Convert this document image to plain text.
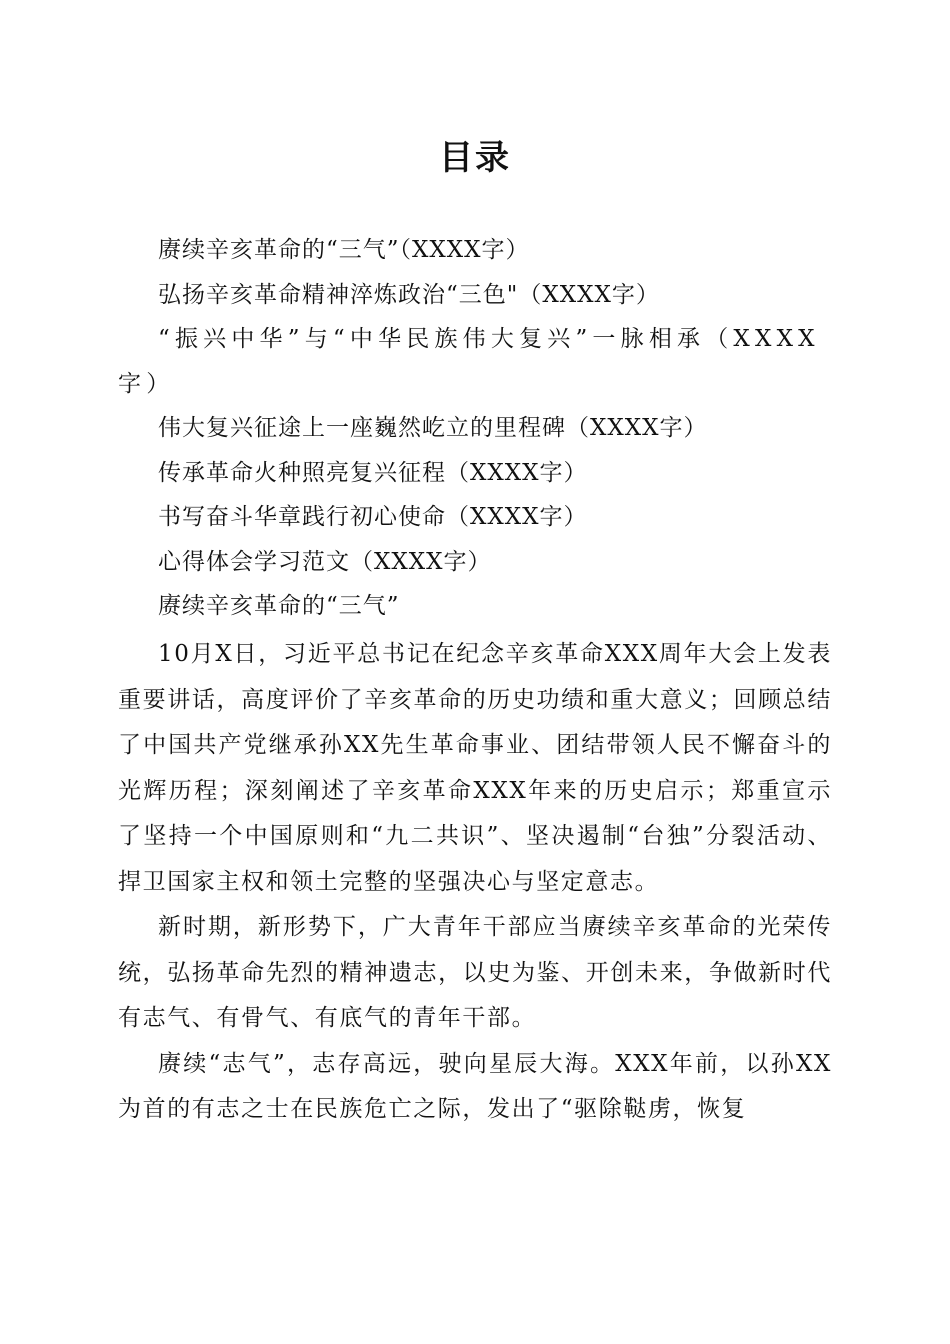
目录
赓续辛亥革命的“三气”（XXXX字）
弘扬辛亥革命精神淬炼政治“三色"（XXXX字）
“振兴中华”与“中华民族伟大复兴”一脉相承（XXXX字）
伟大复兴征途上一座巍然屹立的里程碑（XXXX字）
传承革命火种照亮复兴征程（XXXX字）
书写奋斗华章践行初心使命（XXXX字）
心得体会学习范文（XXXX字）
赓续辛亥革命的“三气”

10月X日，习近平总书记在纪念辛亥革命XXX周年大会上发表重要讲话，高度评价了辛亥革命的历史功绩和重大意义；回顾总结了中国共产党继承孙XX先生革命事业、团结带领人民不懈奋斗的光辉历程；深刻阐述了辛亥革命XXX年来的历史启示；郑重宣示了坚持一个中国原则和“九二共识”、坚决遏制“台独”分裂活动、捍卫国家主权和领土完整的坚强决心与坚定意志。

新时期，新形势下，广大青年干部应当赓续辛亥革命的光荣传统，弘扬革命先烈的精神遗志，以史为鉴、开创未来，争做新时代有志气、有骨气、有底气的青年干部。

赓续“志气”，志存高远，驶向星辰大海。XXX年前，以孙XX为首的有志之士在民族危亡之际，发出了“驱除鞑虏，恢复
